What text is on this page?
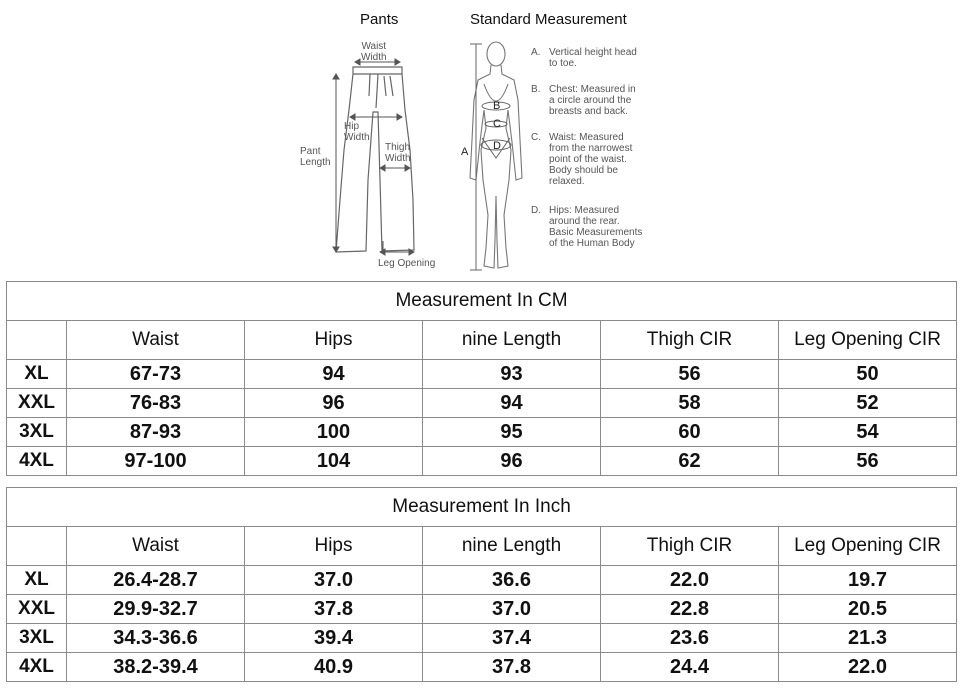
Pants	Standard Measurement
Waist
Width
Hip
Width
Pant
Length
Thigh
Width
Leg Opening
A
B
C
D
A. Vertical height head
to toe.
B. Chest: Measured in
a circle around the
breasts and back.
C. Waist: Measured
from the narrowest
point of the waist.
Body should be
relaxed.
D. Hips: Measured
around the rear.
Basic Measurements
of the Human Body
Measurement In CM					
	Waist	Hips	nine Length	Thigh CIR	Leg Opening CIR
XL	67-73	94	93	56	50
XXL	76-83	96	94	58	52
3XL	87-93	100	95	60	54
4XL	97-100	104	96	62	56
Measurement In Inch					
	Waist	Hips	nine Length	Thigh CIR	Leg Opening CIR
XL	26.4-28.7	37.0	36.6	22.0	19.7
XXL	29.9-32.7	37.8	37.0	22.8	20.5
3XL	34.3-36.6	39.4	37.4	23.6	21.3
4XL	38.2-39.4	40.9	37.8	24.4	22.0
